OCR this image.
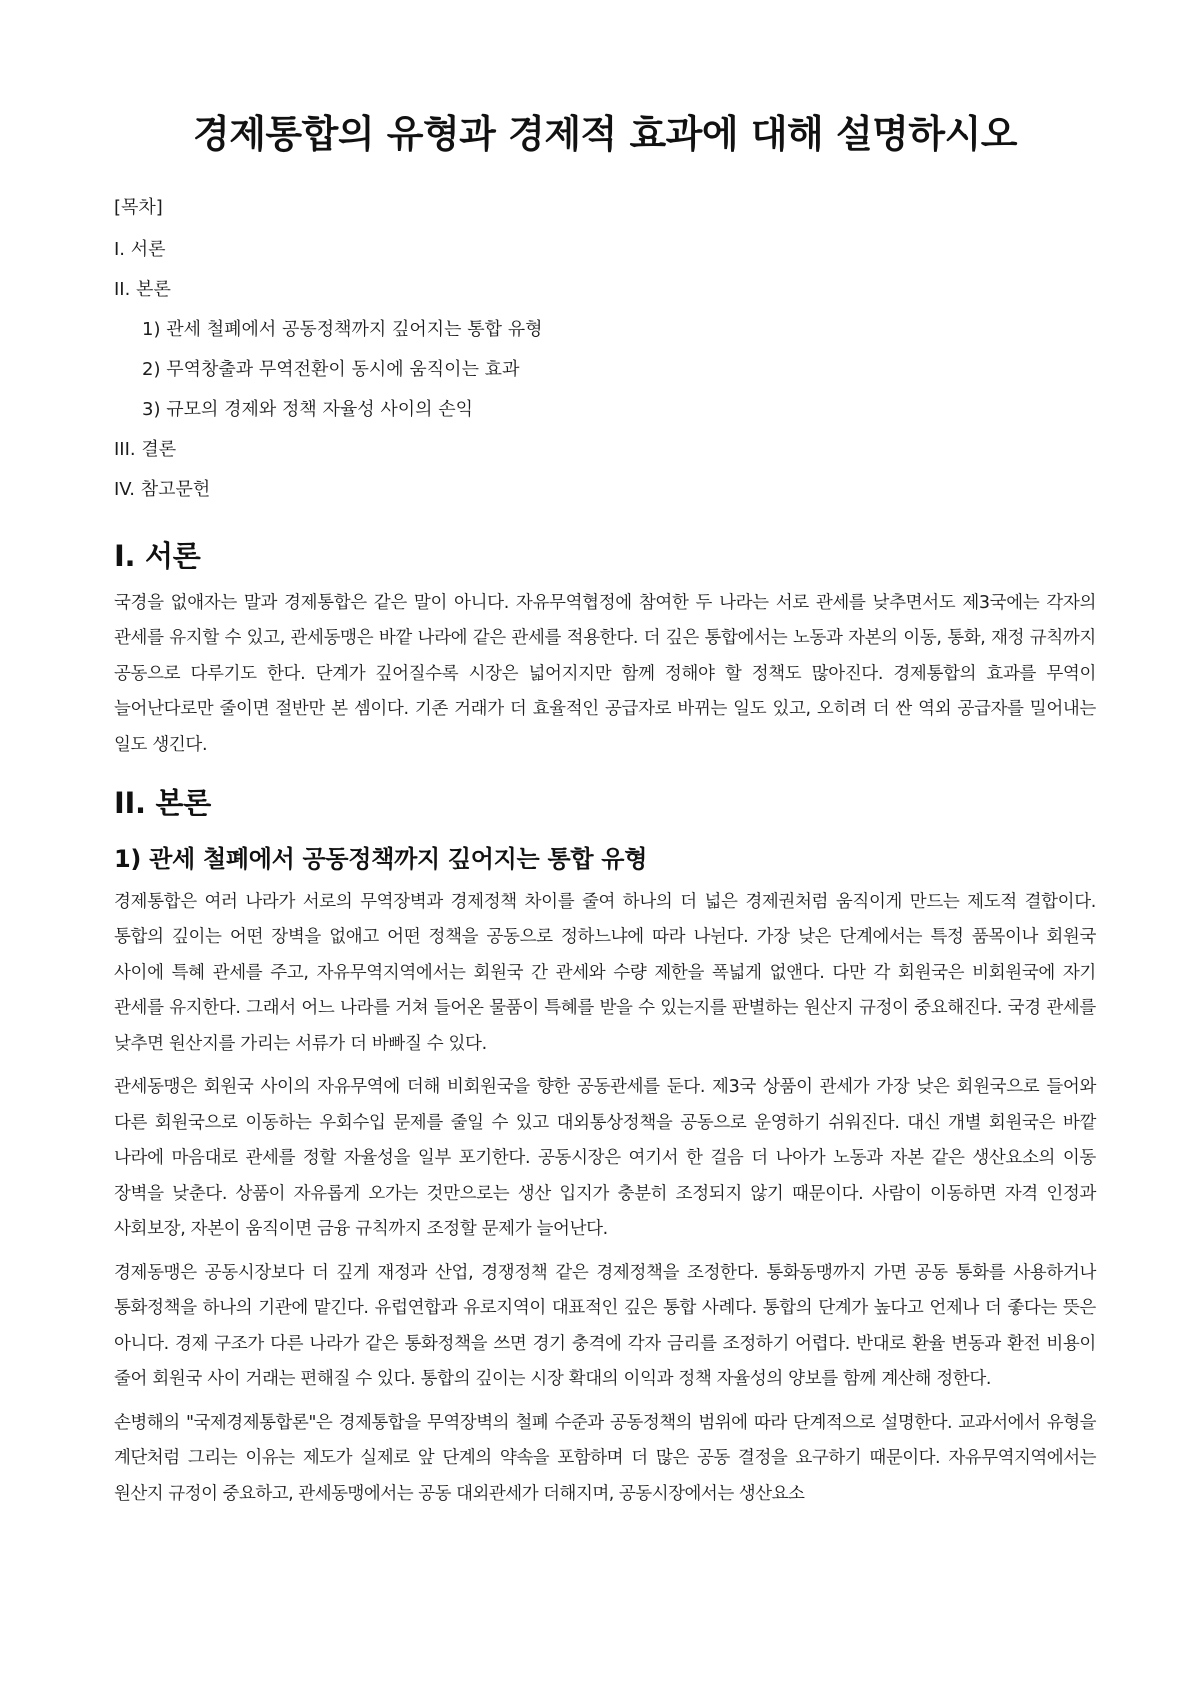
경제통합의 유형과 경제적 효과에 대해 설명하시오
[목차]
I. 서론
II. 본론
1) 관세 철폐에서 공동정책까지 깊어지는 통합 유형
2) 무역창출과 무역전환이 동시에 움직이는 효과
3) 규모의 경제와 정책 자율성 사이의 손익
III. 결론
IV. 참고문헌
I. 서론

국경을 없애자는 말과 경제통합은 같은 말이 아니다. 자유무역협정에 참여한 두 나라는 서로 관세를 낮추면서도 제3국에는 각자의 관세를 유지할 수 있고, 관세동맹은 바깥 나라에 같은 관세를 적용한다. 더 깊은 통합에서는 노동과 자본의 이동, 통화, 재정 규칙까지 공동으로 다루기도 한다. 단계가 깊어질수록 시장은 넓어지지만 함께 정해야 할 정책도 많아진다. 경제통합의 효과를 무역이 늘어난다로만 줄이면 절반만 본 셈이다. 기존 거래가 더 효율적인 공급자로 바뀌는 일도 있고, 오히려 더 싼 역외 공급자를 밀어내는 일도 생긴다.

II. 본론
1) 관세 철폐에서 공동정책까지 깊어지는 통합 유형

경제통합은 여러 나라가 서로의 무역장벽과 경제정책 차이를 줄여 하나의 더 넓은 경제권처럼 움직이게 만드는 제도적 결합이다. 통합의 깊이는 어떤 장벽을 없애고 어떤 정책을 공동으로 정하느냐에 따라 나뉜다. 가장 낮은 단계에서는 특정 품목이나 회원국 사이에 특혜 관세를 주고, 자유무역지역에서는 회원국 간 관세와 수량 제한을 폭넓게 없앤다. 다만 각 회원국은 비회원국에 자기 관세를 유지한다. 그래서 어느 나라를 거쳐 들어온 물품이 특혜를 받을 수 있는지를 판별하는 원산지 규정이 중요해진다. 국경 관세를 낮추면 원산지를 가리는 서류가 더 바빠질 수 있다.

관세동맹은 회원국 사이의 자유무역에 더해 비회원국을 향한 공동관세를 둔다. 제3국 상품이 관세가 가장 낮은 회원국으로 들어와 다른 회원국으로 이동하는 우회수입 문제를 줄일 수 있고 대외통상정책을 공동으로 운영하기 쉬워진다. 대신 개별 회원국은 바깥 나라에 마음대로 관세를 정할 자율성을 일부 포기한다. 공동시장은 여기서 한 걸음 더 나아가 노동과 자본 같은 생산요소의 이동 장벽을 낮춘다. 상품이 자유롭게 오가는 것만으로는 생산 입지가 충분히 조정되지 않기 때문이다. 사람이 이동하면 자격 인정과 사회보장, 자본이 움직이면 금융 규칙까지 조정할 문제가 늘어난다.

경제동맹은 공동시장보다 더 깊게 재정과 산업, 경쟁정책 같은 경제정책을 조정한다. 통화동맹까지 가면 공동 통화를 사용하거나 통화정책을 하나의 기관에 맡긴다. 유럽연합과 유로지역이 대표적인 깊은 통합 사례다. 통합의 단계가 높다고 언제나 더 좋다는 뜻은 아니다. 경제 구조가 다른 나라가 같은 통화정책을 쓰면 경기 충격에 각자 금리를 조정하기 어렵다. 반대로 환율 변동과 환전 비용이 줄어 회원국 사이 거래는 편해질 수 있다. 통합의 깊이는 시장 확대의 이익과 정책 자율성의 양보를 함께 계산해 정한다.

손병해의 "국제경제통합론"은 경제통합을 무역장벽의 철폐 수준과 공동정책의 범위에 따라 단계적으로 설명한다. 교과서에서 유형을 계단처럼 그리는 이유는 제도가 실제로 앞 단계의 약속을 포함하며 더 많은 공동 결정을 요구하기 때문이다. 자유무역지역에서는 원산지 규정이 중요하고, 관세동맹에서는 공동 대외관세가 더해지며, 공동시장에서는 생산요소
